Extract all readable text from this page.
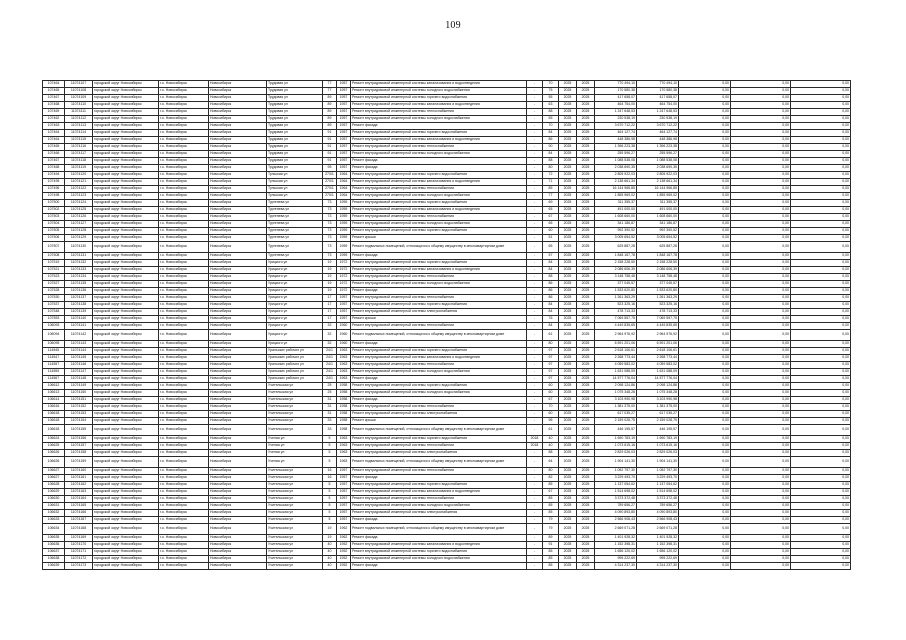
109
107464	11074107	городской округ Новосибирск	г.о. Новосибирск	Новосибирск	Трудовая ул	77	1957	Ремонт внутридомовой инженерной системы канализования и водоотведения	-	70	2025	2025	770 494,10	770 494,10	0,00	0,00	0,00
107465	11074108	городской округ Новосибирск	г.о. Новосибирск	Новосибирск	Трудовая ул	77	1957	Ремонт внутридомовой инженерной системы холодного водоснабжения	-	75	2025	2025	170 580,38	170 580,38	0,00	0,00	0,00
107467	11074109	городской округ Новосибирск	г.о. Новосибирск	Новосибирск	Трудовая ул	89	1957	Ремонт внутридомовой инженерной системы горячего водоснабжения	-	55	2025	2025	417 658,07	417 658,07	0,00	0,00	0,00
107468	11074110	городской округ Новосибирск	г.о. Новосибирск	Новосибирск	Трудовая ул	89	1957	Ремонт внутридомовой инженерной системы канализования и водоотведения	-	63	2025	2025	464 754,00	464 754,00	0,00	0,00	0,00
107469	11074111	городской округ Новосибирск	г.о. Новосибирск	Новосибирск	Трудовая ул	89	1957	Ремонт внутридомовой инженерной системы теплоснабжения	-	88	2025	2025	1 247 648,53	1 247 648,53	0,00	0,00	0,00
107462	11074112	городской округ Новосибирск	г.о. Новосибирск	Новосибирск	Трудовая ул	89	1957	Ремонт внутридомовой инженерной системы холодного водоснабжения	-	55	2025	2025	230 538,19	230 538,19	0,00	0,00	0,00
107463	11074113	городской округ Новосибирск	г.о. Новосибирск	Новосибирск	Трудовая ул	89	1957	Ремонт фасада	-	70	2025	2025	3 670 712,22	3 670 712,22	0,00	0,00	0,00
107464	11074114	городской округ Новосибирск	г.о. Новосибирск	Новосибирск	Трудовая ул	91	1957	Ремонт внутридомовой инженерной системы горячего водоснабжения	-	84	2025	2025	464 127,74	464 127,74	0,00	0,00	0,00
107464	11074115	городской округ Новосибирск	г.о. Новосибирск	Новосибирск	Трудовая ул	91	1957	Ремонт внутридомовой инженерной системы канализования и водоотведения	-	86	2025	2025	448 386,98	448 386,98	0,00	0,00	0,00
107465	11074116	городской округ Новосибирск	г.о. Новосибирск	Новосибирск	Трудовая ул	91	1957	Ремонт внутридомовой инженерной системы теплоснабжения	-	90	2025	2025	1 396 223,38	1 396 223,38	0,00	0,00	0,00
107466	11074117	городской округ Новосибирск	г.о. Новосибирск	Новосибирск	Трудовая ул	91	1957	Ремонт внутридомовой инженерной системы холодного водоснабжения	-	84	2025	2025	255 596,27	255 596,27	0,00	0,00	0,00
107467	11074118	городской округ Новосибирск	г.о. Новосибирск	Новосибирск	Трудовая ул	91	1957	Ремонт фасада	-	88	2025	2025	1 088 538,08	1 088 538,08	0,00	0,00	0,00
107468	11074119	городской округ Новосибирск	г.о. Новосибирск	Новосибирск	Трудовая ул	95	1957	Ремонт фасада	-	80	2025	2025	2 038 690,35	2 038 690,35	0,00	0,00	0,00
107494	11074120	городской округ Новосибирск	г.о. Новосибирск	Новосибирск	Тульская ул	270/1	1964	Ремонт внутридомовой инженерной системы горячего водоснабжения	-	72	2025	2025	2 805 922,03	2 805 922,03	0,00	0,00	0,00
107495	11074121	городской округ Новосибирск	г.о. Новосибирск	Новосибирск	Тульская ул	270/1	1964	Ремонт внутридомовой инженерной системы канализования и водоотведения	-	71	2025	2025	2 138 661,34	2 138 661,34	0,00	0,00	0,00
107496	11074122	городской округ Новосибирск	г.о. Новосибирск	Новосибирск	Тульская ул	270/1	1964	Ремонт внутридомовой инженерной системы теплоснабжения	-	85	2025	2025	16 144 966,85	16 144 966,85	0,00	0,00	0,00
107498	11074123	городской округ Новосибирск	г.о. Новосибирск	Новосибирск	Тульская ул	270/1	1964	Ремонт внутридомовой инженерной системы холодного водоснабжения	-	77	2025	2025	1 855 969,02	1 855 969,02	0,00	0,00	0,00
107500	11074124	городской округ Новосибирск	г.о. Новосибирск	Новосибирск	Тургенева ул	73	1959	Ремонт внутридомовой инженерной системы горячего водоснабжения	-	69	2025	2025	311 355,37	311 355,37	0,00	0,00	0,00
107502	11074125	городской округ Новосибирск	г.о. Новосибирск	Новосибирск	Тургенева ул	73	1959	Ремонт внутридомовой инженерной системы канализования и водоотведения	-	65	2025	2025	491 000,00	491 000,00	0,00	0,00	0,00
107503	11074126	городской округ Новосибирск	г.о. Новосибирск	Новосибирск	Тургенева ул	73	1959	Ремонт внутридомовой инженерной системы теплоснабжения	-	67	2025	2025	1 608 660,00	1 608 660,00	0,00	0,00	0,00
107504	11074127	городской округ Новосибирск	г.о. Новосибирск	Новосибирск	Тургенева ул	73	1959	Ремонт внутридомовой инженерной системы холодного водоснабжения	-	65	2025	2025	341 186,87	341 186,87	0,00	0,00	0,00
107505	11074128	городской округ Новосибирск	г.о. Новосибирск	Новосибирск	Тургенева ул	73	1959	Ремонт внутридомовой инженерной системы горячего водоснабжения	-	60	2025	2025	992 390,52	992 390,52	0,00	0,00	0,00
107506	11074129	городской округ Новосибирск	г.о. Новосибирск	Новосибирск	Тургенева ул	73	1959	Ремонт крыши	-	51	2025	2025	3 005 654,52	3 005 654,52	0,00	0,00	0,00
107507	11074130	городской округ Новосибирск	г.о. Новосибирск	Новосибирск	Тургенева ул	73	1959	Ремонт подвальных помещений, относящихся к общему имуществу в многоквартирном доме	-	65	2025	2025	625 887,28	625 887,28	0,00	0,00	0,00
107508	11074131	городской округ Новосибирск	г.о. Новосибирск	Новосибирск	Тургенева ул	73	1959	Ремонт фасада	-	57	2025	2025	1 848 167,78	1 848 167,78	0,00	0,00	0,00
107519	11074132	городской округ Новосибирск	г.о. Новосибирск	Новосибирск	Урицкого ул	19	1972	Ремонт внутридомовой инженерной системы горячего водоснабжения	-	84	2025	2025	2 158 228,50	2 158 228,50	0,00	0,00	0,00
107521	11074133	городской округ Новосибирск	г.о. Новосибирск	Новосибирск	Урицкого ул	19	1972	Ремонт внутридомовой инженерной системы канализования и водоотведения	-	84	2025	2025	2 086 606,39	2 086 606,39	0,00	0,00	0,00
107523	11074134	городской округ Новосибирск	г.о. Новосибирск	Новосибирск	Урицкого ул	19	1972	Ремонт внутридомовой инженерной системы теплоснабжения	-	88	2025	2025	3 148 758,48	3 148 758,48	0,00	0,00	0,00
107527	11074135	городской округ Новосибирск	г.о. Новосибирск	Новосибирск	Урицкого ул	19	1972	Ремонт внутридомовой инженерной системы холодного водоснабжения	-	86	2025	2025	377 045,57	377 045,57	0,00	0,00	0,00
107528	11074136	городской округ Новосибирск	г.о. Новосибирск	Новосибирск	Урицкого ул	19	1972	Ремонт фасада	-	86	2025	2025	1 533 620,80	1 533 620,80	0,00	0,00	0,00
107530	11074137	городской округ Новосибирск	г.о. Новосибирск	Новосибирск	Урицкого ул	17	1957	Ремонт внутридомовой инженерной системы теплоснабжения	-	86	2025	2025	1 261 363,29	1 261 363,29	0,00	0,00	0,00
107537	11074138	городской округ Новосибирск	г.о. Новосибирск	Новосибирск	Урицкого ул	17	1957	Ремонт внутридомовой инженерной системы горячего водоснабжения	-	84	2025	2025	523 325,16	523 325,16	0,00	0,00	0,00
107548	11074139	городской округ Новосибирск	г.о. Новосибирск	Новосибирск	Урицкого ул	17	1957	Ремонт внутридомовой инженерной системы электроснабжения	-	84	2025	2025	478 713,33	478 713,33	0,00	0,00	0,00
107553	11074140	городской округ Новосибирск	г.о. Новосибирск	Новосибирск	Урицкого ул	17	1957	Ремонт крыши	-	76	2025	2025	7 069 557,75	7 069 557,75	0,00	0,00	0,00
106093	11074141	городской округ Новосибирск	г.о. Новосибирск	Новосибирск	Урицкого ул	32	1960	Ремонт внутридомовой инженерной системы теплоснабжения	-	84	2025	2025	4 449 835,65	4 449 835,65	0,00	0,00	0,00
106094	11074142	городской округ Новосибирск	г.о. Новосибирск	Новосибирск	Урицкого ул	32	1960	Ремонт подвальных помещений, относящихся к общему имуществу в многоквартирном доме	-	61	2025	2025	2 964 976,92	2 964 976,92	0,00	0,00	0,00
106095	11074143	городской округ Новосибирск	г.о. Новосибирск	Новосибирск	Урицкого ул	32	1960	Ремонт фасада	-	80	2025	2025	6 591 201,06	6 591 201,06	0,00	0,00	0,00
114545	11074144	городской округ Новосибирск	г.о. Новосибирск	Новосибирск	Уральских рабочих ул	24/1	1963	Ремонт внутридомовой инженерной системы горячего водоснабжения	-	97	2025	2025	2 618 106,61	2 618 106,61	0,00	0,00	0,00
114547	11074145	городской округ Новосибирск	г.о. Новосибирск	Новосибирск	Уральских рабочих ул	24/1	1963	Ремонт внутридомовой инженерной системы канализования и водоотведения	-	97	2025	2025	2 268 773,44	2 268 773,44	0,00	0,00	0,00
114557	11074146	городской округ Новосибирск	г.о. Новосибирск	Новосибирск	Уральских рабочих ул	24/1	1963	Ремонт внутридомовой инженерной системы теплоснабжения	-	97	2025	2025	4 059 583,02	4 059 583,02	0,00	0,00	0,00
114559	11074147	городской округ Новосибирск	г.о. Новосибирск	Новосибирск	Уральских рабочих ул	24/1	1963	Ремонт внутридомовой инженерной системы холодного водоснабжения	-	97	2025	2025	1 631 088,09	1 631 088,09	0,00	0,00	0,00
114567	11074148	городской округ Новосибирск	г.о. Новосибирск	Новосибирск	Уральских рабочих ул	24/1	1963	Ремонт фасада	-	97	2025	2025	14 577 776,04	14 577 776,04	0,00	0,00	0,00
106612	11074149	городской округ Новосибирск	г.о. Новосибирск	Новосибирск	Учительская ул	25	1958	Ремонт внутридомовой инженерной системы горячего водоснабжения	-	60	2025	2025	2 098 124,86	2 098 124,86	0,00	0,00	0,00
106613	11074150	городской округ Новосибирск	г.о. Новосибирск	Новосибирск	Учительская ул	25	1958	Ремонт внутридомовой инженерной системы холодного водоснабжения	-	60	2025	2025	1 075 348,28	1 075 348,28	0,00	0,00	0,00
106614	11074151	городской округ Новосибирск	г.о. Новосибирск	Новосибирск	Учительская ул	31	1958	Ремонт фасада	-	67	2025	2025	3 103 990,98	3 103 990,98	0,00	0,00	0,00
106616	11074152	городской округ Новосибирск	г.о. Новосибирск	Новосибирск	Учительская ул	31	1958	Ремонт внутридомовой инженерной системы теплоснабжения	-	70	2025	2025	1 381 375,00	1 381 375,00	0,00	0,00	0,00
106618	11074153	городской округ Новосибирск	г.о. Новосибирск	Новосибирск	Учительская ул	31	1958	Ремонт внутридомовой инженерной системы электроснабжения	-	60	2025	2025	617 035,27	617 035,27	0,00	0,00	0,00
106618	11074154	городской округ Новосибирск	г.о. Новосибирск	Новосибирск	Учительская ул	33	1958	Ремонт крыши	-	96	2025	2025	2 159 028,75	2 159 028,75	0,00	0,00	0,00
106618	11074155	городской округ Новосибирск	г.о. Новосибирск	Новосибирск	Учительская ул	33	1958	Ремонт подвальных помещений, относящихся к общему имуществу в многоквартирном доме	-	61	2025	2025	446 195,57	446 195,57	0,00	0,00	0,00
106624	11074156	городской округ Новосибирск	г.о. Новосибирск	Новосибирск	Ученая ул	5	1963	Ремонт внутридомовой инженерной системы горячего водоснабжения	2018	40	2025	2025	1 690 783,19	1 690 783,19	0,00	0,00	0,00
106625	11074157	городской округ Новосибирск	г.о. Новосибирск	Новосибирск	Ученая ул	5	1963	Ремонт внутридомовой инженерной системы теплоснабжения	2018	40	2025	2025	1 073 615,16	1 073 615,16	0,00	0,00	0,00
106626	11074158	городской округ Новосибирск	г.о. Новосибирск	Новосибирск	Ученая ул	5	1963	Ремонт внутридомовой инженерной системы электроснабжения	-	88	2025	2025	2 829 026,03	2 829 026,03	0,00	0,00	0,00
106626	11074159	городской округ Новосибирск	г.о. Новосибирск	Новосибирск	Ученая ул	5	1963	Ремонт подвальных помещений, относящихся к общему имуществу в многоквартирном доме	-	64	2025	2025	1 904 141,30	1 904 141,30	0,00	0,00	0,00
106627	11074160	городской округ Новосибирск	г.о. Новосибирск	Новосибирск	Учительская ул	16	1957	Ремонт внутридомовой инженерной системы теплоснабжения	-	80	2025	2025	1 052 797,30	1 052 797,30	0,00	0,00	0,00
106627	11074161	городской округ Новосибирск	г.о. Новосибирск	Новосибирск	Учительская ул	16	1957	Ремонт фасада	-	82	2025	2025	3 229 493,70	3 229 493,70	0,00	0,00	0,00
106628	11074162	городской округ Новосибирск	г.о. Новосибирск	Новосибирск	Учительская ул	5	1957	Ремонт внутридомовой инженерной системы горячего водоснабжения	-	85	2025	2025	1 137 054,62	1 137 054,62	0,00	0,00	0,00
106629	11074163	городской округ Новосибирск	г.о. Новосибирск	Новосибирск	Учительская ул	5	1957	Ремонт внутридомовой инженерной системы канализования и водоотведения	-	67	2025	2025	1 514 698,02	1 514 698,02	0,00	0,00	0,00
106630	11074164	городской округ Новосибирск	г.о. Новосибирск	Новосибирск	Учительская ул	5	1957	Ремонт внутридомовой инженерной системы теплоснабжения	-	85	2025	2025	3 373 372,48	3 373 372,48	0,00	0,00	0,00
106631	11074165	городской округ Новосибирск	г.о. Новосибирск	Новосибирск	Учительская ул	5	1957	Ремонт внутридомовой инженерной системы холодного водоснабжения	-	85	2025	2025	789 656,27	789 656,27	0,00	0,00	0,00
106632	11074166	городской округ Новосибирск	г.о. Новосибирск	Новосибирск	Учительская ул	5	1957	Ремонт внутридомовой инженерной системы электроснабжения	-	85	2025	2025	4 090 893,80	4 090 893,80	0,00	0,00	0,00
106633	11074167	городской округ Новосибирск	г.о. Новосибирск	Новосибирск	Учительская ул	5	1957	Ремонт фасада	-	79	2025	2025	2 566 908,43	2 566 908,43	0,00	0,00	0,00
106634	11074168	городской округ Новосибирск	г.о. Новосибирск	Новосибирск	Учительская ул	19	1962	Ремонт подвальных помещений, относящихся к общему имуществу в многоквартирном доме	-	79	2025	2025	2 669 071,28	2 669 071,28	0,00	0,00	0,00
106635	11074169	городской округ Новосибирск	г.о. Новосибирск	Новосибирск	Учительская ул	19	1962	Ремонт фасада	-	89	2025	2025	1 401 928,32	1 401 928,32	0,00	0,00	0,00
106636	11074170	городской округ Новосибирск	г.о. Новосибирск	Новосибирск	Учительская ул	40	1952	Ремонт внутридомовой инженерной системы канализования и водоотведения	-	91	2025	2025	1 152 398,31	1 152 398,31	0,00	0,00	0,00
106637	11074171	городской округ Новосибирск	г.о. Новосибирск	Новосибирск	Учительская ул	40	1952	Ремонт внутридомовой инженерной системы горячего водоснабжения	-	85	2025	2025	1 656 120,02	1 656 120,02	0,00	0,00	0,00
106638	11074172	городской округ Новосибирск	г.о. Новосибирск	Новосибирск	Учительская ул	40	1952	Ремонт внутридомовой инженерной системы холодного водоснабжения	-	85	2025	2025	995 222,69	995 222,69	0,00	0,00	0,00
106639	11074173	городской округ Новосибирск	г.о. Новосибирск	Новосибирск	Учительская ул	40	1952	Ремонт фасада	-	85	2025	2025	4 314 237,30	4 314 237,30	0,00	0,00	0,00
